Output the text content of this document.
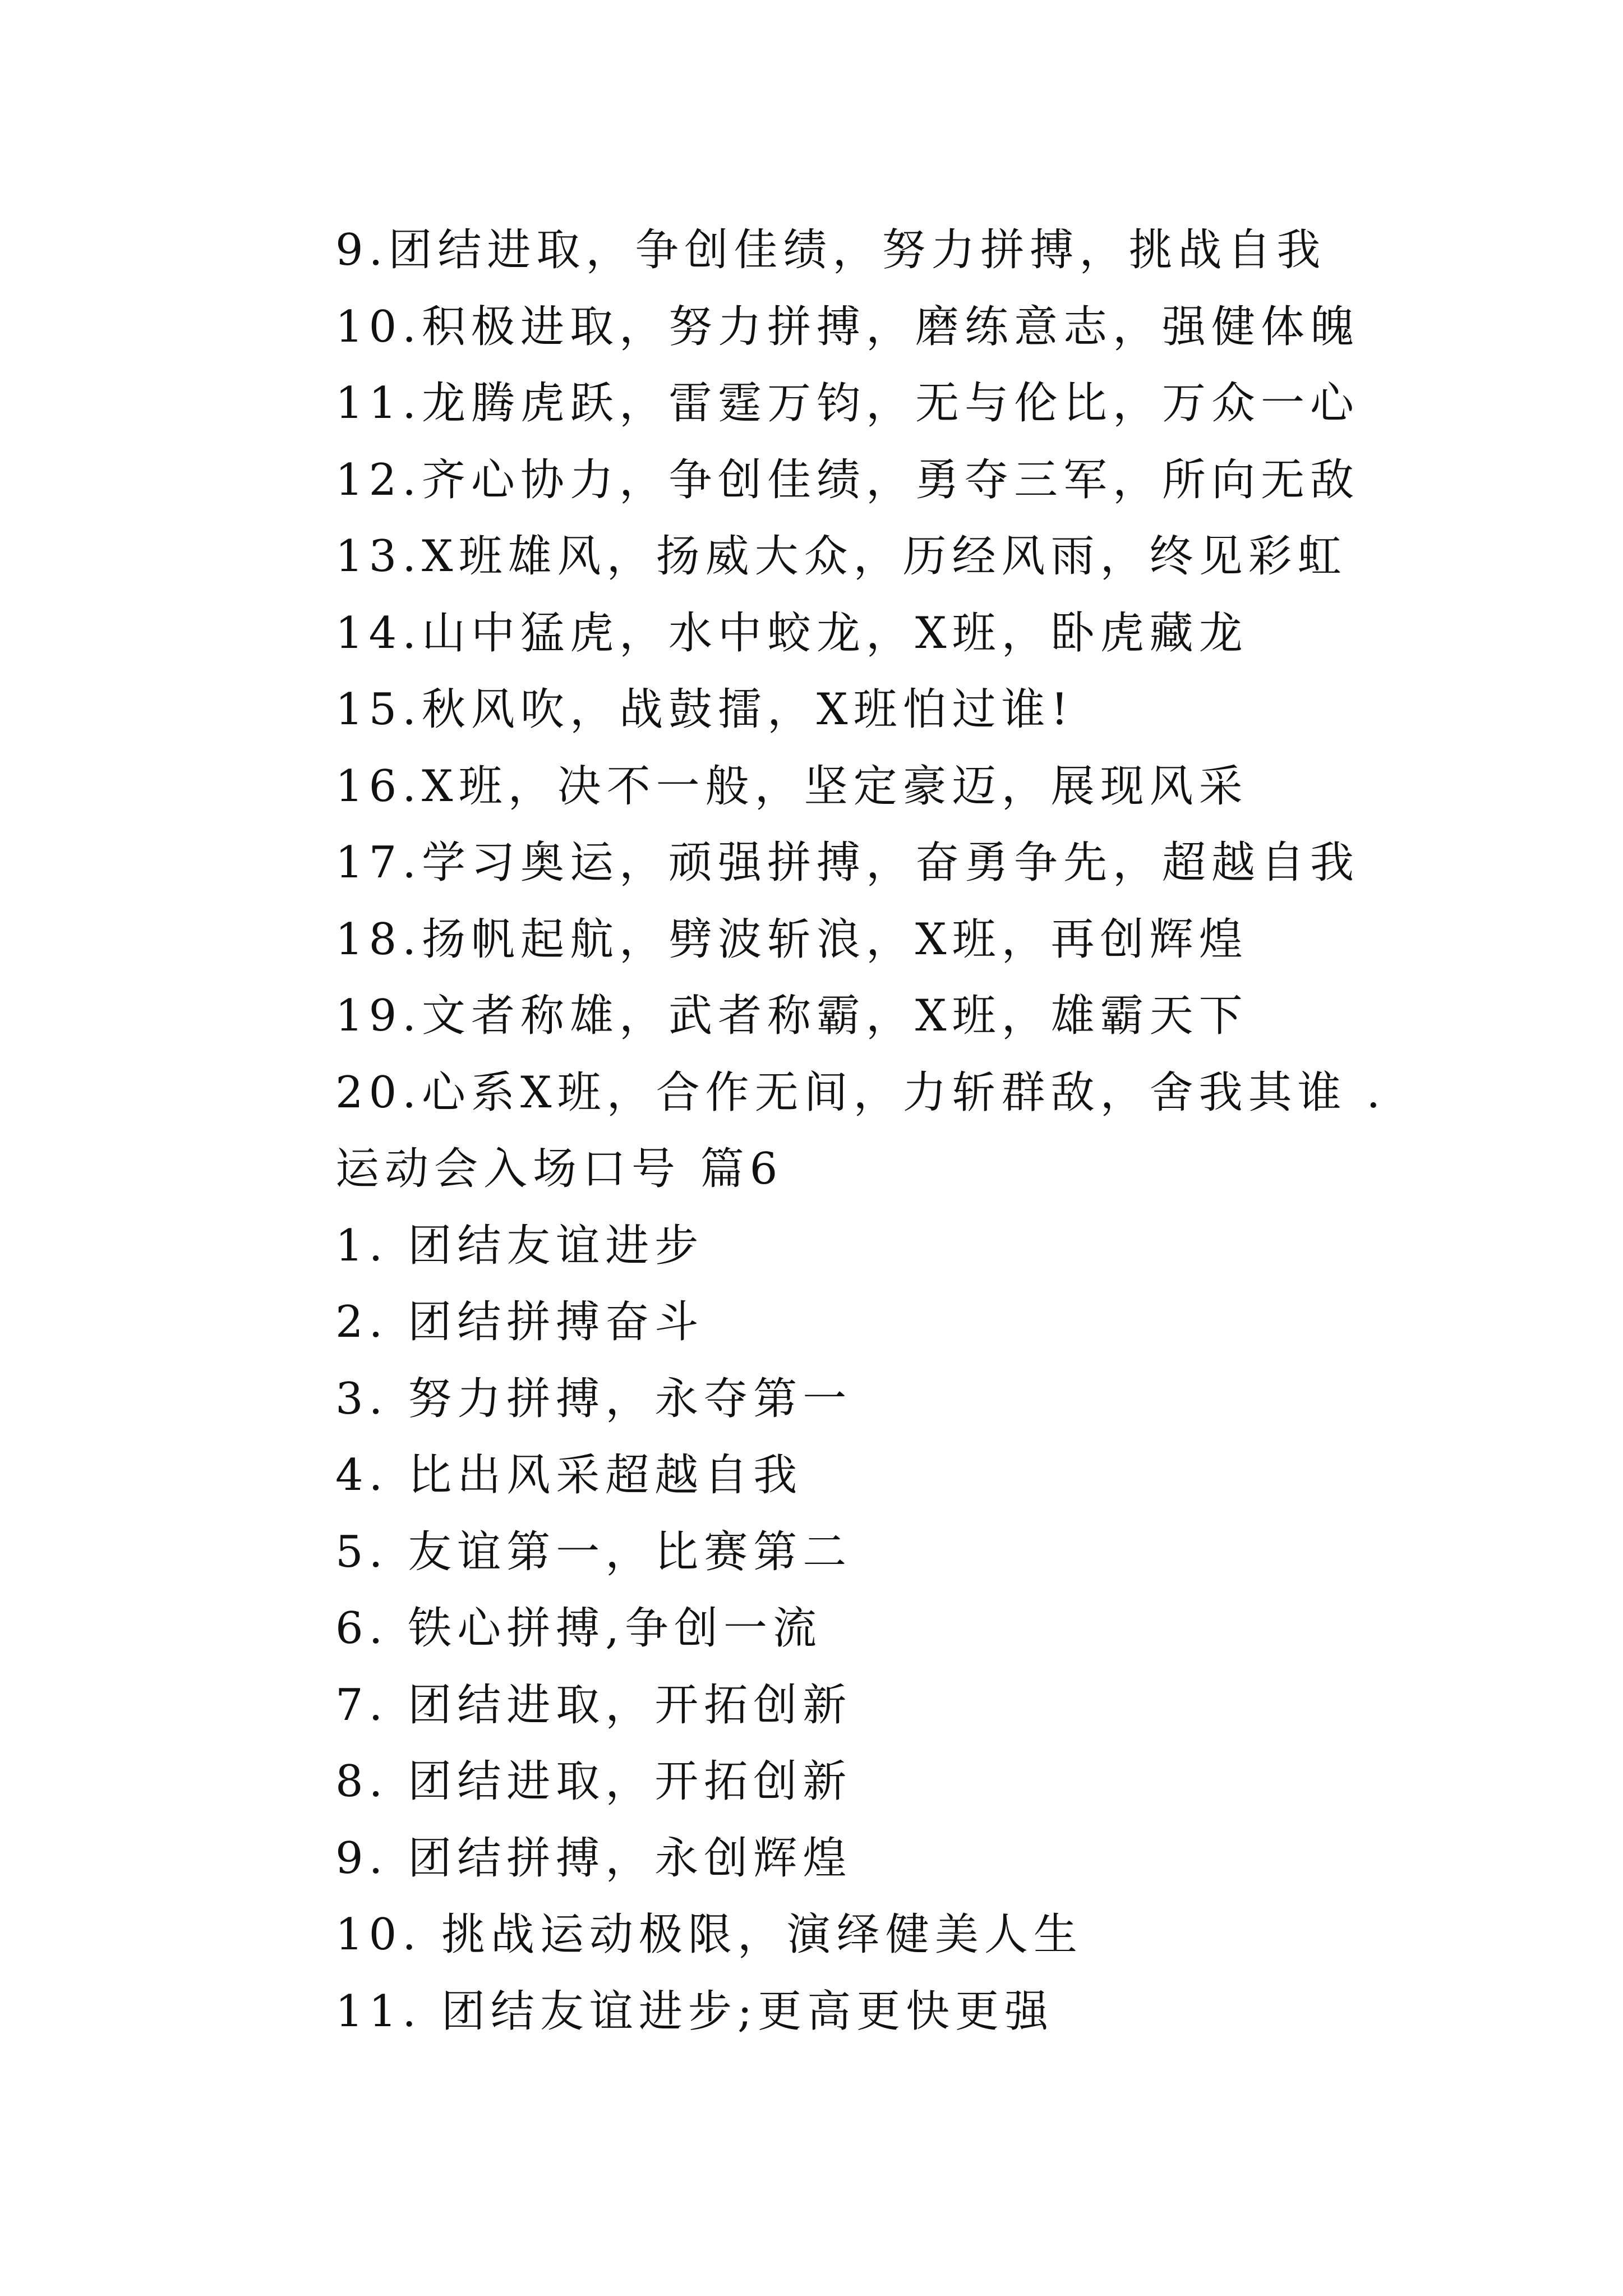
9.团结进取，争创佳绩，努力拼搏，挑战自我
10.积极进取，努力拼搏，磨练意志，强健体魄
11.龙腾虎跃，雷霆万钧，无与伦比，万众一心
12.齐心协力，争创佳绩，勇夺三军，所向无敌
13.X班雄风，扬威大众，历经风雨，终见彩虹
14.山中猛虎，水中蛟龙，X班，卧虎藏龙
15.秋风吹，战鼓擂，X班怕过谁!
16.X班，决不一般，坚定豪迈，展现风采
17.学习奥运，顽强拼搏，奋勇争先，超越自我
18.扬帆起航，劈波斩浪，X班，再创辉煌
19.文者称雄，武者称霸，X班，雄霸天下
20.心系X班，合作无间，力斩群敌，舍我其谁 .
运动会入场口号 篇6
1. 团结友谊进步
2. 团结拼搏奋斗
3. 努力拼搏，永夺第一
4. 比出风采超越自我
5. 友谊第一，比赛第二
6. 铁心拼搏,争创一流
7. 团结进取，开拓创新
8. 团结进取，开拓创新
9. 团结拼搏，永创辉煌
10. 挑战运动极限，演绎健美人生
11. 团结友谊进步;更高更快更强
